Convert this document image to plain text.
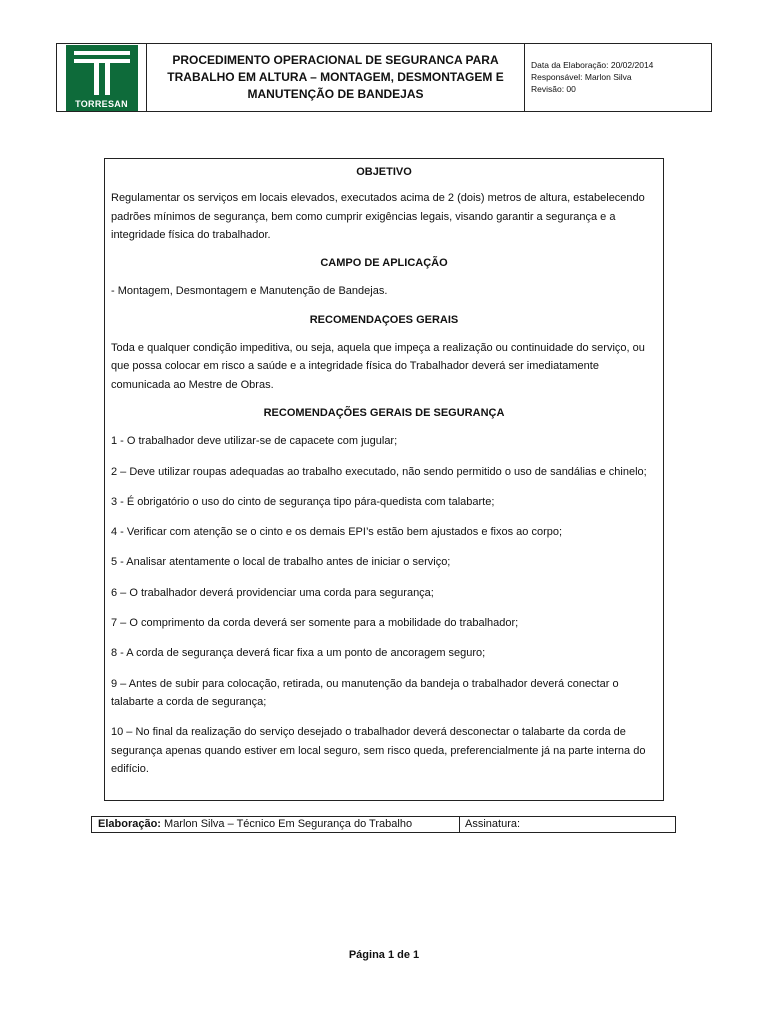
TORRESAN
PROCEDIMENTO OPERACIONAL DE SEGURANCA PARA TRABALHO EM ALTURA – MONTAGEM, DESMONTAGEM E MANUTENÇÃO DE BANDEJAS
Data da Elaboração: 20/02/2014
Responsável: Marlon Silva
Revisão: 00

OBJETIVO

Regulamentar os serviços em locais elevados, executados acima de 2 (dois) metros de altura, estabelecendo padrões mínimos de segurança, bem como cumprir exigências legais, visando garantir a segurança e a integridade física do trabalhador.

CAMPO DE APLICAÇÃO

- Montagem, Desmontagem e Manutenção de Bandejas.

RECOMENDAÇOES GERAIS

Toda e qualquer condição impeditiva, ou seja, aquela que impeça a realização ou continuidade do serviço, ou que possa colocar em risco a saúde e a integridade física do Trabalhador deverá ser imediatamente comunicada ao Mestre de Obras.

RECOMENDAÇÕES GERAIS DE SEGURANÇA

1 - O trabalhador deve utilizar-se de capacete com jugular;

2 – Deve utilizar roupas adequadas ao trabalho executado, não sendo permitido o uso de sandálias e chinelo;

3 - É obrigatório o uso do cinto de segurança tipo pára-quedista com talabarte;

4 - Verificar com atenção se o cinto e os demais EPI’s estão bem ajustados e fixos ao corpo;

5 - Analisar atentamente o local de trabalho antes de iniciar o serviço;

6 – O trabalhador deverá providenciar uma corda para segurança;

7 – O comprimento da corda deverá ser somente para a mobilidade do trabalhador;

8 - A corda de segurança deverá ficar fixa a um ponto de ancoragem seguro;

9 – Antes de subir para colocação, retirada, ou manutenção da bandeja o trabalhador deverá conectar o talabarte a corda de segurança;

10 – No final da realização do serviço desejado o trabalhador deverá desconectar o talabarte da corda de segurança apenas quando estiver em local seguro, sem risco queda, preferencialmente já na parte interna do edifício.

Elaboração: Marlon Silva – Técnico Em Segurança do Trabalho	Assinatura:
Página 1 de 1
